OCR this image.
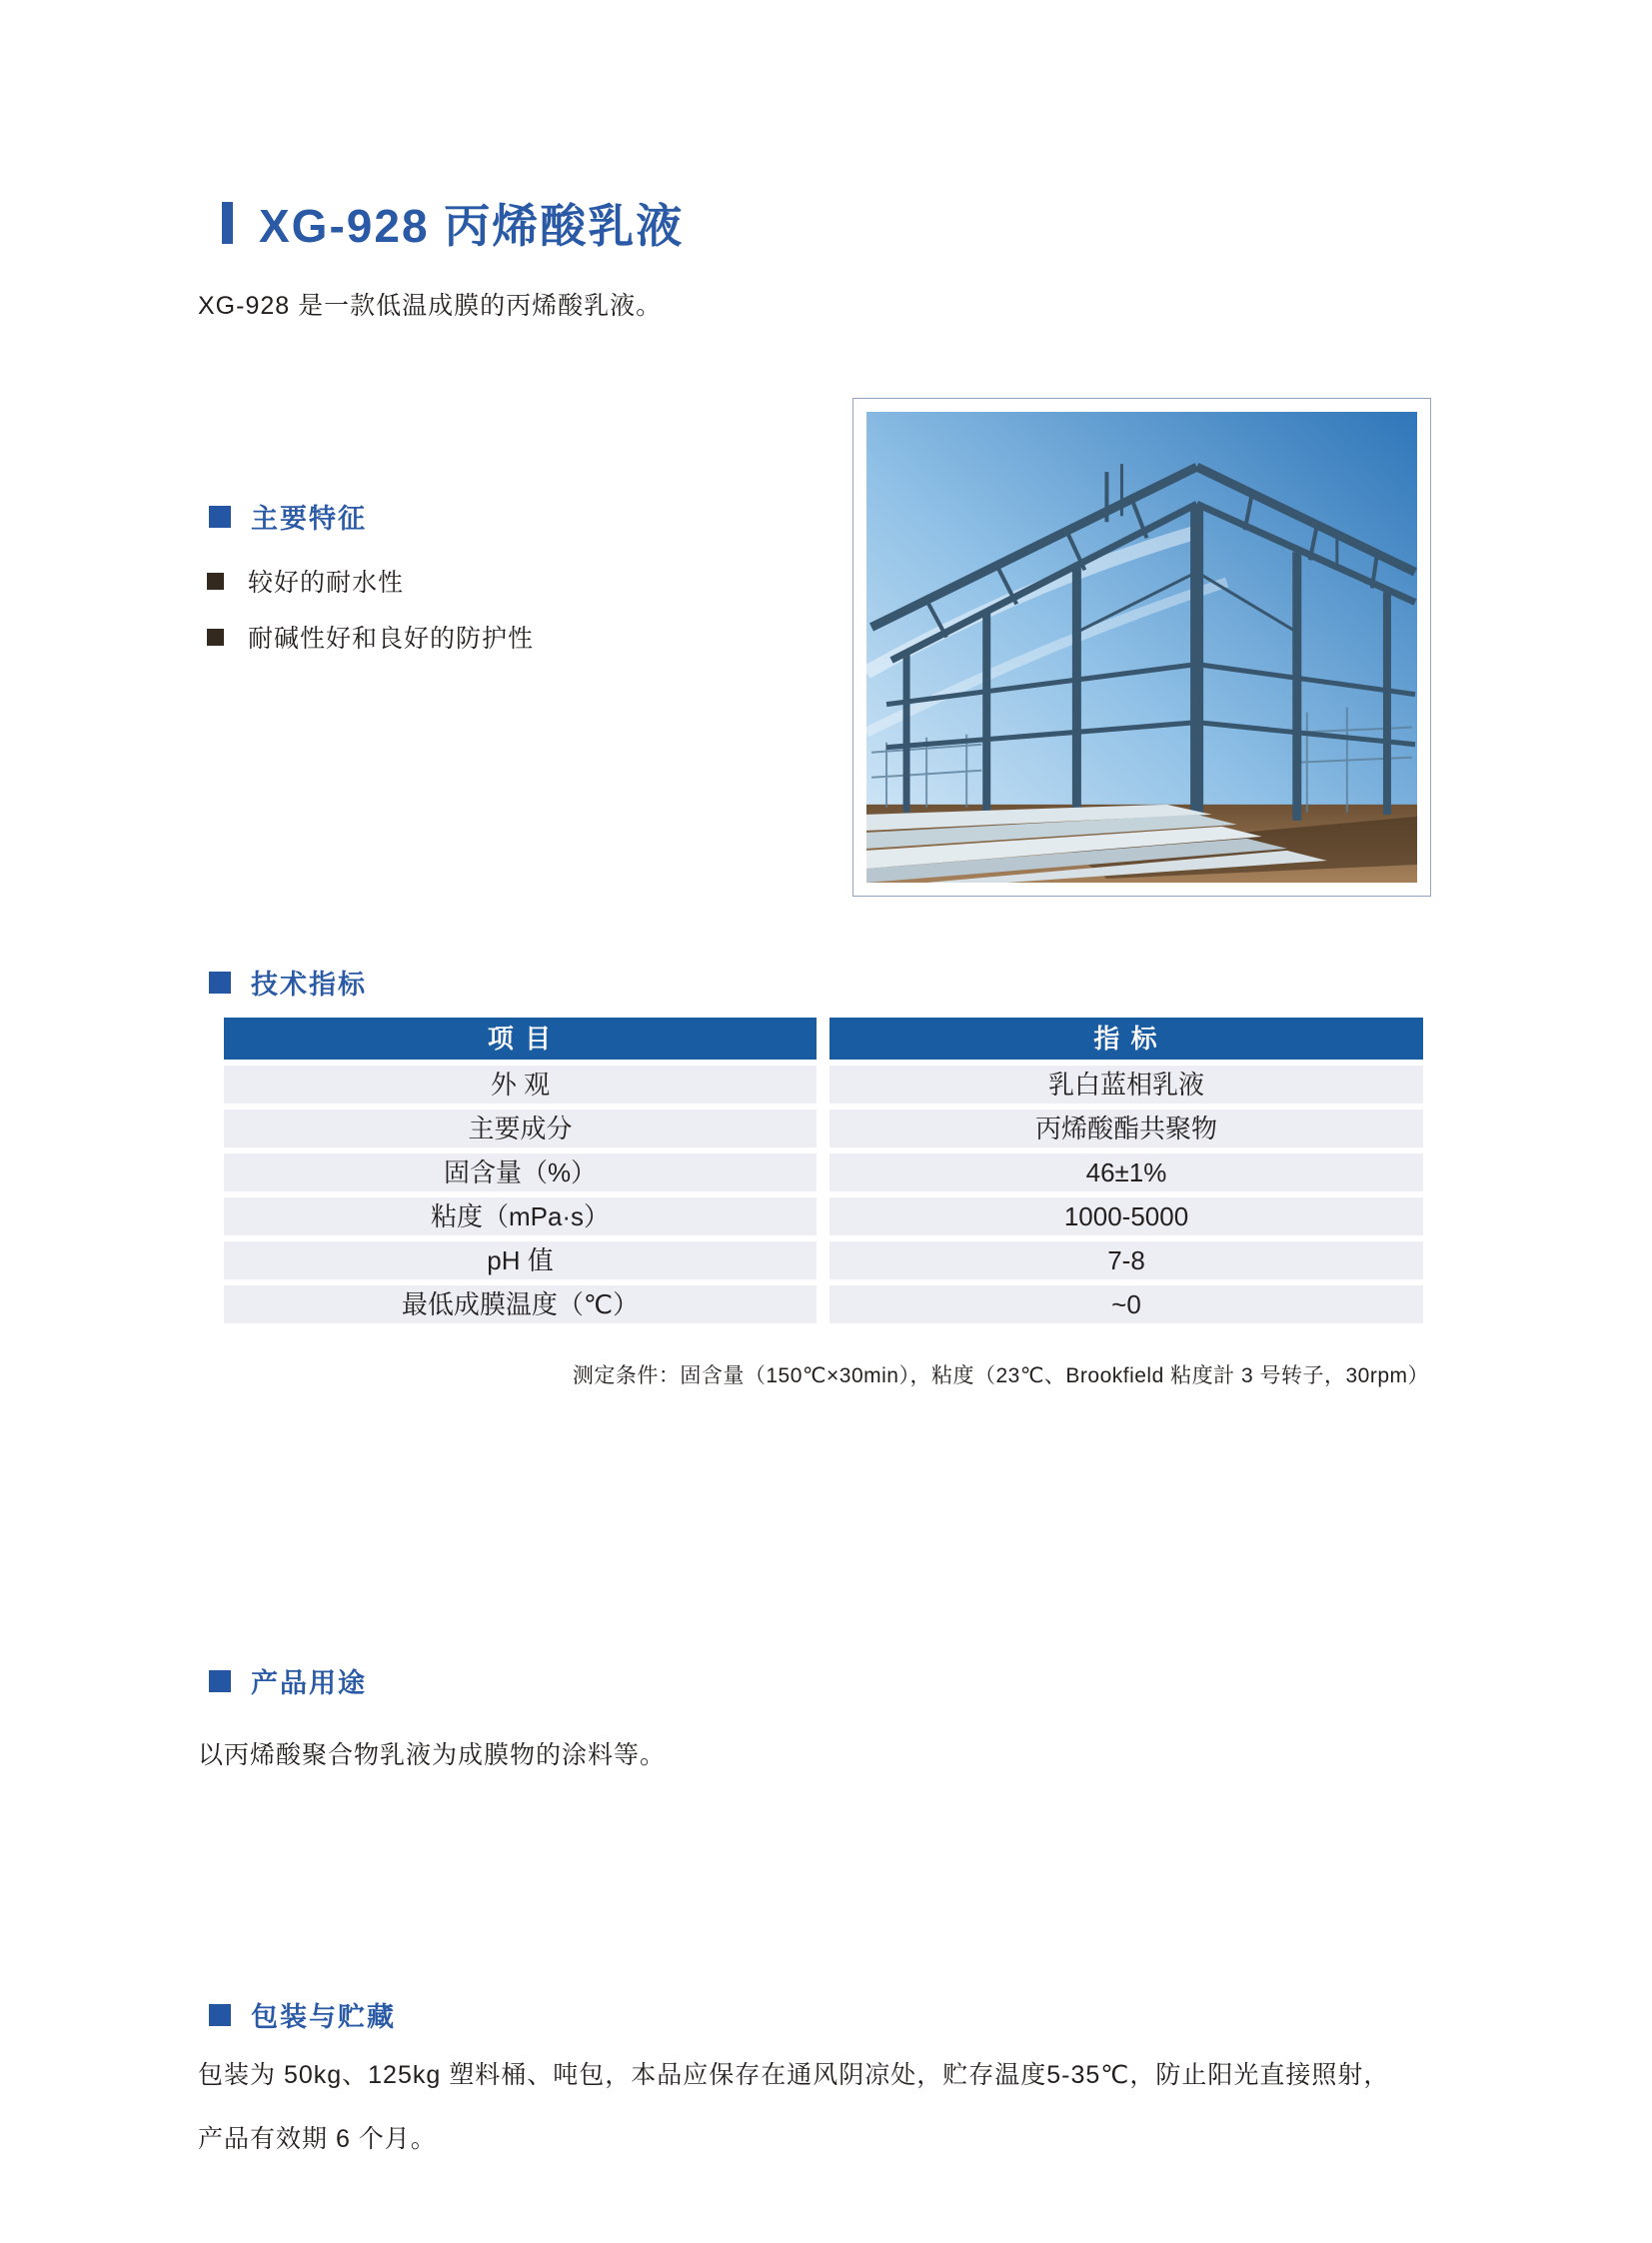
XG-928 丙烯酸乳液
XG-928 是一款低温成膜的丙烯酸乳液。
主要特征
较好的耐水性
耐碱性好和良好的防护性
技术指标
项 目	指 标
外 观	乳白蓝相乳液
主要成分	丙烯酸酯共聚物
固含量（%）	46±1%
粘度（mPa·s）	1000-5000
pH 值	7-8
最低成膜温度（℃）	~0
测定条件：固含量（150℃×30min），粘度（23℃、Brookfield 粘度計 3 号转子，30rpm）
产品用途
以丙烯酸聚合物乳液为成膜物的涂料等。
包装与贮藏
包装为 50kg、125kg 塑料桶、吨包，本品应保存在通风阴凉处，贮存温度5-35℃，防止阳光直接照射，
产品有效期 6 个月。
